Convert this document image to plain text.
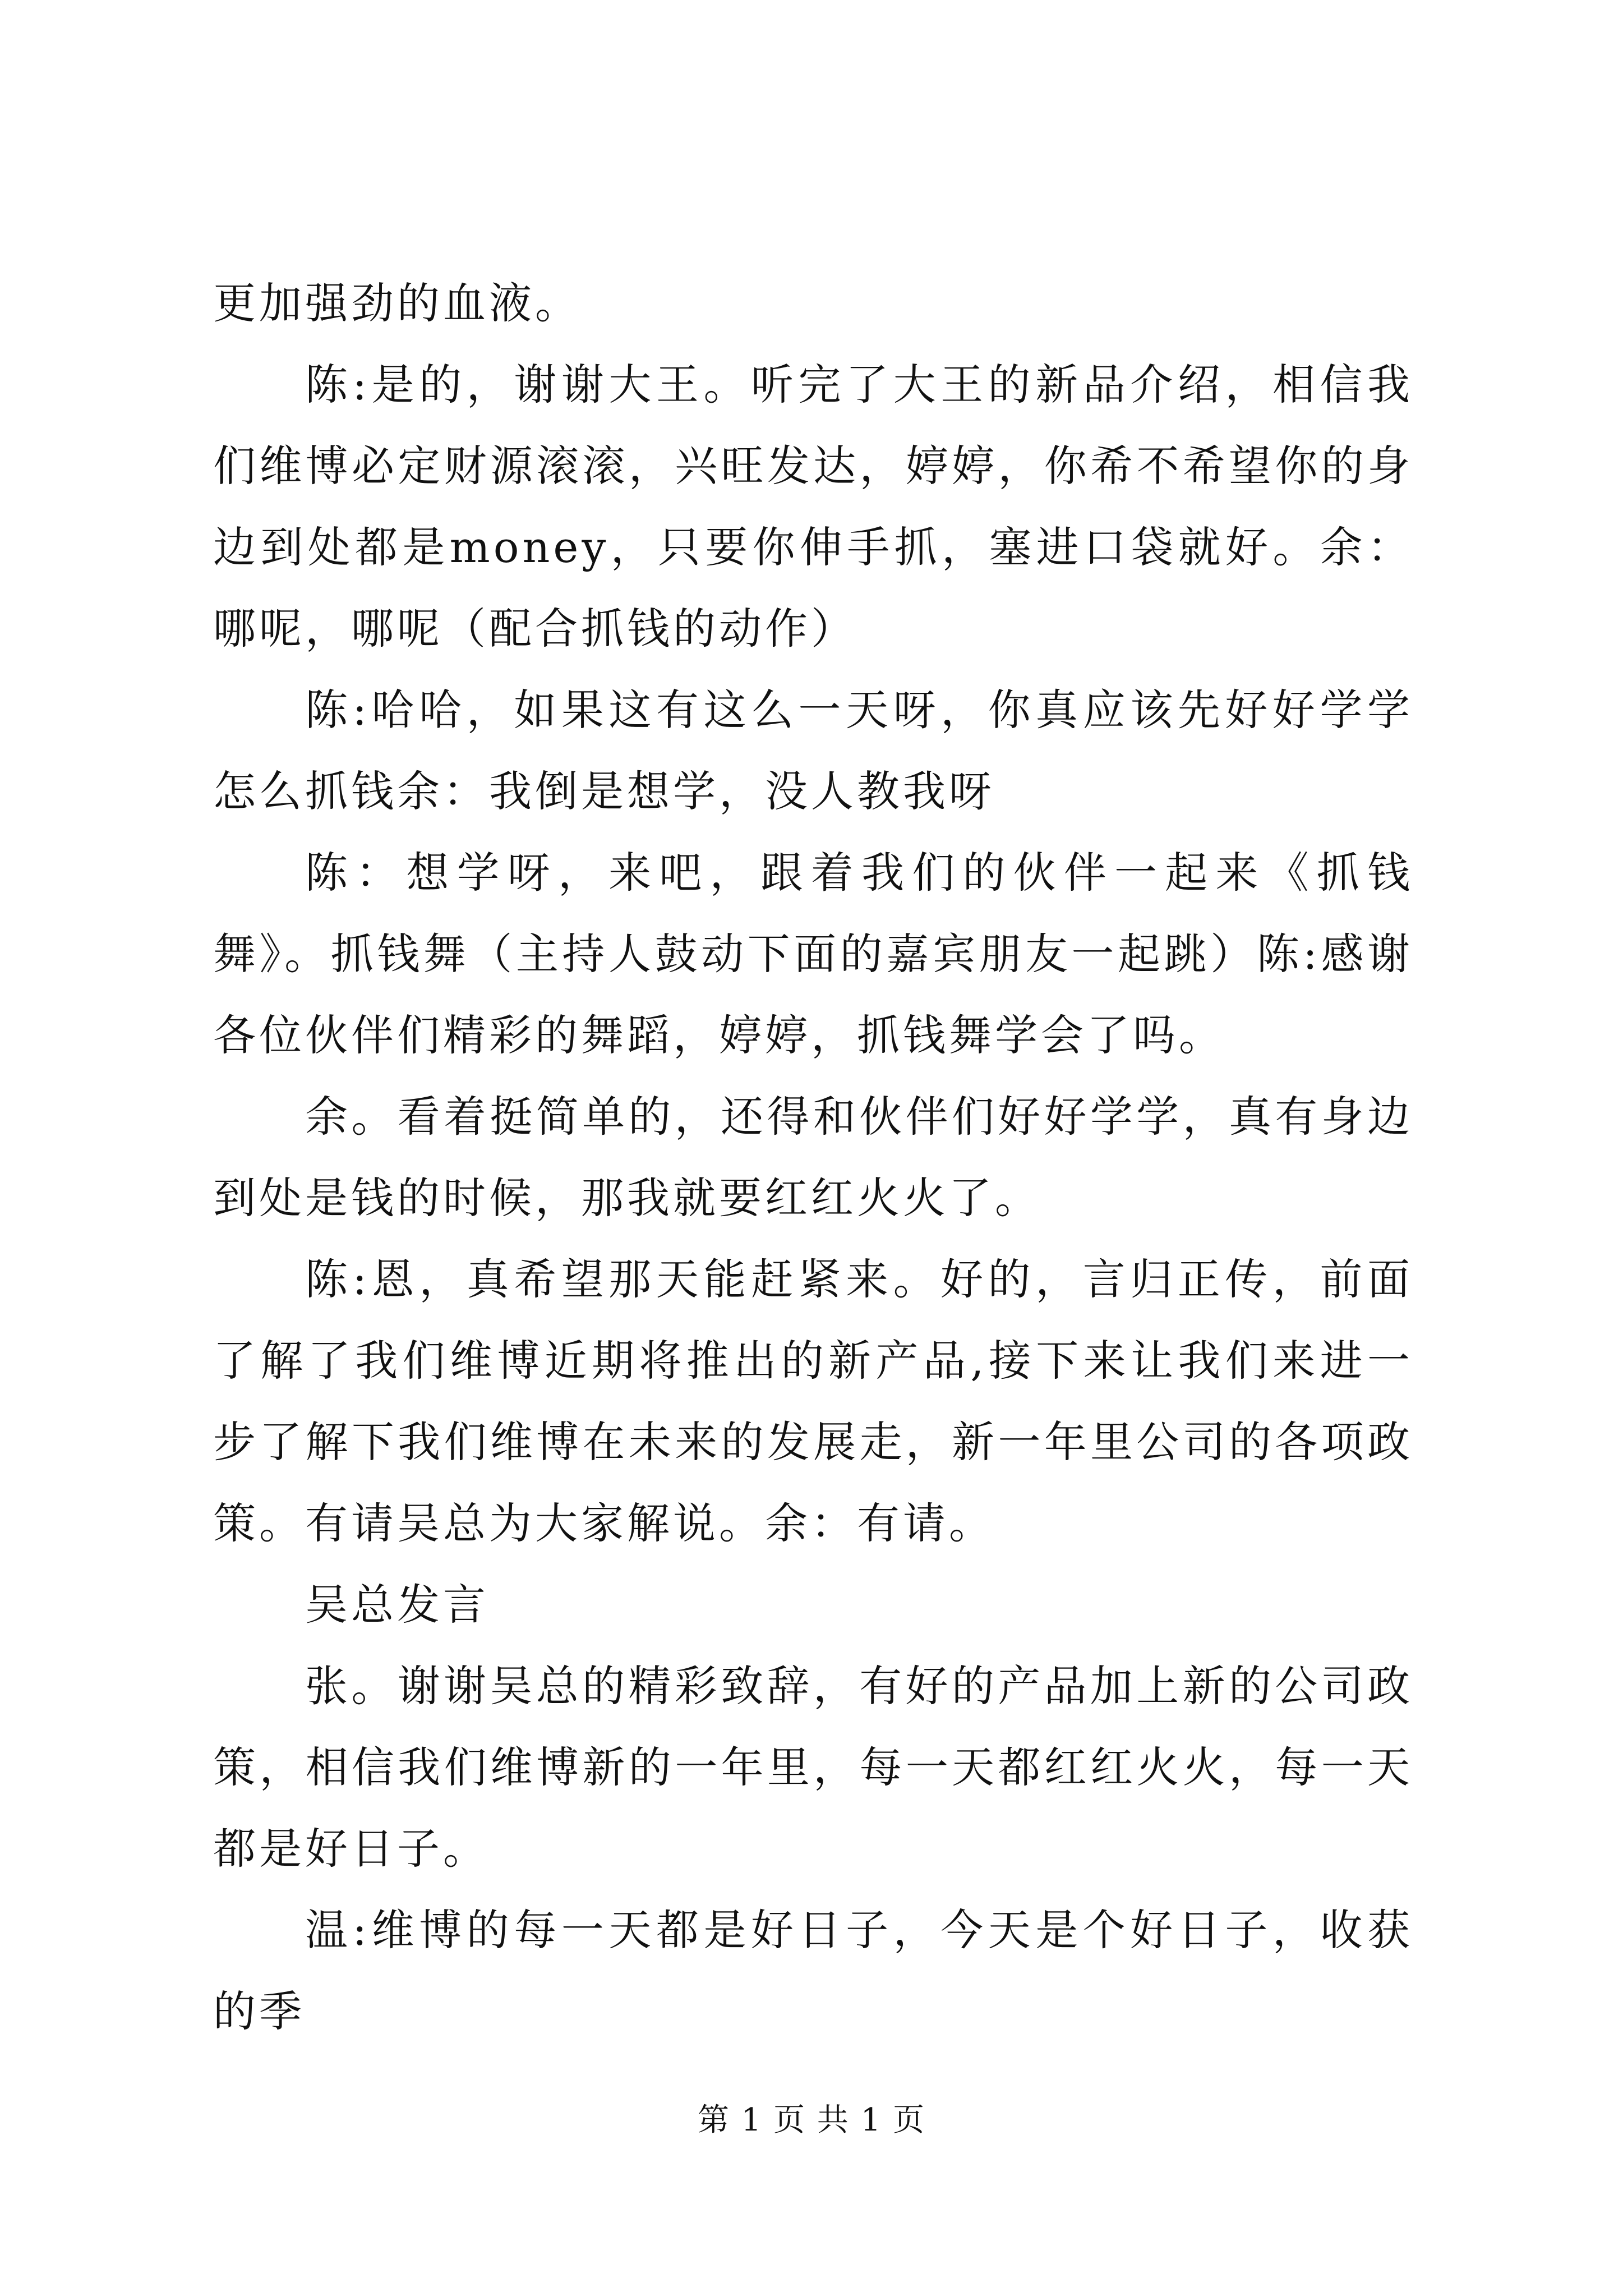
更加强劲的血液。

陈:是的，谢谢大王。听完了大王的新品介绍，相信我们维博必定财源滚滚，兴旺发达，婷婷，你希不希望你的身边到处都是money，只要你伸手抓，塞进口袋就好。余：哪呢，哪呢（配合抓钱的动作）

陈:哈哈，如果这有这么一天呀，你真应该先好好学学怎么抓钱余：我倒是想学，没人教我呀

陈：想学呀，来吧，跟着我们的伙伴一起来《抓钱舞》。抓钱舞（主持人鼓动下面的嘉宾朋友一起跳）陈:感谢各位伙伴们精彩的舞蹈，婷婷，抓钱舞学会了吗。

余。看着挺简单的，还得和伙伴们好好学学，真有身边到处是钱的时候，那我就要红红火火了。

陈:恩，真希望那天能赶紧来。好的，言归正传，前面了解了我们维博近期将推出的新产品,接下来让我们来进一步了解下我们维博在未来的发展走，新一年里公司的各项政策。有请吴总为大家解说。余：有请。

吴总发言

张。谢谢吴总的精彩致辞，有好的产品加上新的公司政策，相信我们维博新的一年里，每一天都红红火火，每一天都是好日子。

温:维博的每一天都是好日子，今天是个好日子，收获的季

第 1 页 共 1 页
